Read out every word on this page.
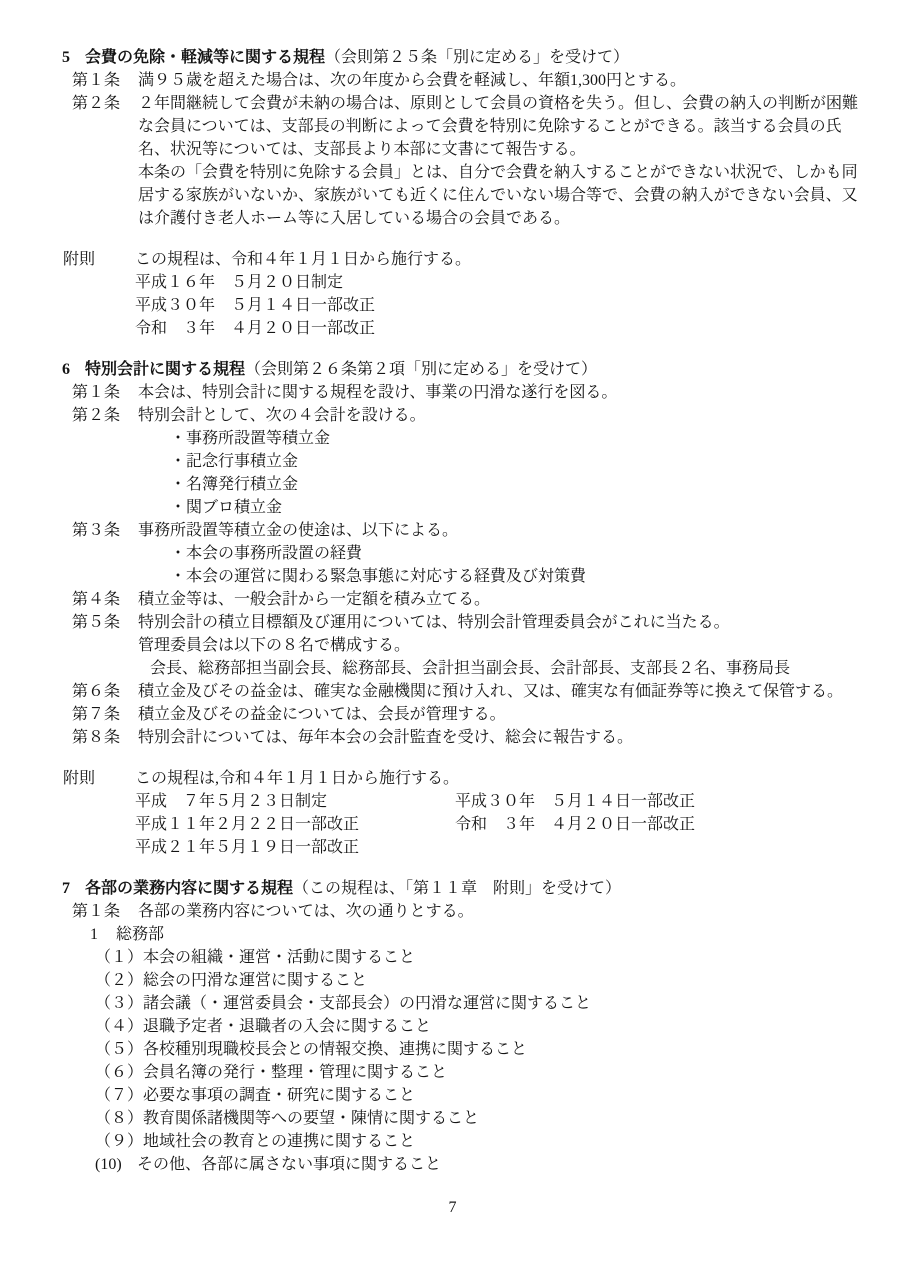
5 会費の免除・軽減等に関する規程（会則第２５条「別に定める」を受けて）
第１条	満９５歳を超えた場合は、次の年度から会費を軽減し、年額1,300円とする。

第２条	２年間継続して会費が未納の場合は、原則として会員の資格を失う。但し、会費の納入の判断が困難な会員については、支部長の判断によって会費を特別に免除することができる。該当する会員の氏名、状況等については、支部長より本部に文書にて報告する。

本条の「会費を特別に免除する会員」とは、自分で会費を納入することができない状況で、しかも同居する家族がいないか、家族がいても近くに住んでいない場合等で、会費の納入ができない会員、又は介護付き老人ホーム等に入居している場合の会員である。

附則	この規程は、令和４年１月１日から施行する。

平成１６年　５月２０日制定

平成３０年　５月１４日一部改正

令和　３年　４月２０日一部改正

6 特別会計に関する規程（会則第２６条第２項「別に定める」を受けて）
第１条	本会は、特別会計に関する規程を設け、事業の円滑な遂行を図る。

第２条	特別会計として、次の４会計を設ける。

・事務所設置等積立金

・記念行事積立金

・名簿発行積立金

・関ブロ積立金

第３条	事務所設置等積立金の使途は、以下による。

・本会の事務所設置の経費

・本会の運営に関わる緊急事態に対応する経費及び対策費

第４条	積立金等は、一般会計から一定額を積み立てる。

第５条	特別会計の積立目標額及び運用については、特別会計管理委員会がこれに当たる。

管理委員会は以下の８名で構成する。

会長、総務部担当副会長、総務部長、会計担当副会長、会計部長、支部長２名、事務局長

第６条	積立金及びその益金は、確実な金融機関に預け入れ、又は、確実な有価証券等に換えて保管する。

第７条	積立金及びその益金については、会長が管理する。

第８条	特別会計については、毎年本会の会計監査を受け、総会に報告する。

附則	この規程は,令和４年１月１日から施行する。

平成　７年５月２３日制定	平成３０年　５月１４日一部改正
平成１１年２月２２日一部改正	令和　３年　４月２０日一部改正
平成２１年５月１９日一部改正
7 各部の業務内容に関する規程（この規程は、「第１１章　附則」を受けて）
第１条	各部の業務内容については、次の通りとする。

1 総務部
（１） 本会の組織・運営・活動に関すること
（２） 総会の円滑な運営に関すること
（３） 諸会議（・運営委員会・支部長会）の円滑な運営に関すること
（４） 退職予定者・退職者の入会に関すること
（５） 各校種別現職校長会との情報交換、連携に関すること
（６） 会員名簿の発行・整理・管理に関すること
（７） 必要な事項の調査・研究に関すること
（８） 教育関係諸機関等への要望・陳情に関すること
（９） 地域社会の教育との連携に関すること
(10) その他、各部に属さない事項に関すること
7
